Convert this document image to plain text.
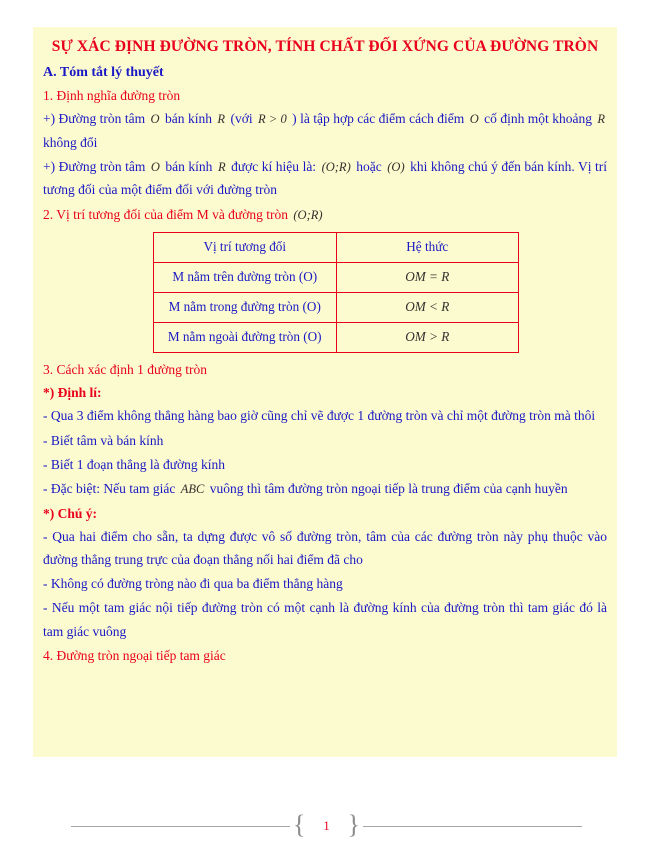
SỰ XÁC ĐỊNH ĐƯỜNG TRÒN, TÍNH CHẤT ĐỐI XỨNG CỦA ĐƯỜNG TRÒN
A. Tóm tắt lý thuyết
1. Định nghĩa đường tròn
+) Đường tròn tâm O bán kính R (với R > 0 ) là tập hợp các điểm cách điểm O cố định một khoảng R không đổi
+) Đường tròn tâm O bán kính R được kí hiệu là: (O;R) hoặc (O) khi không chú ý đến bán kính. Vị trí tương đối của một điểm đối với đường tròn
2. Vị trí tương đối của điểm M và đường tròn (O;R)
Vị trí tương đối	Hệ thức
M nằm trên đường tròn (O)	OM = R
M nằm trong đường tròn (O)	OM < R
M nằm ngoài đường tròn (O)	OM > R
3. Cách xác định 1 đường tròn
*) Định lí:
- Qua 3 điểm không thẳng hàng bao giờ cũng chỉ vẽ được 1 đường tròn và chỉ một đường tròn mà thôi
- Biết tâm và bán kính
- Biết 1 đoạn thẳng là đường kính
- Đặc biệt: Nếu tam giác ABC vuông thì tâm đường tròn ngoại tiếp là trung điểm của cạnh huyền
*) Chú ý:
- Qua hai điểm cho sẵn, ta dựng được vô số đường tròn, tâm của các đường tròn này phụ thuộc vào đường thẳng trung trực của đoạn thẳng nối hai điểm đã cho
- Không có đường tròng nào đi qua ba điểm thẳng hàng
- Nếu một tam giác nội tiếp đường tròn có một cạnh là đường kính của đường tròn thì tam giác đó là tam giác vuông
4. Đường tròn ngoại tiếp tam giác
{	1 }
